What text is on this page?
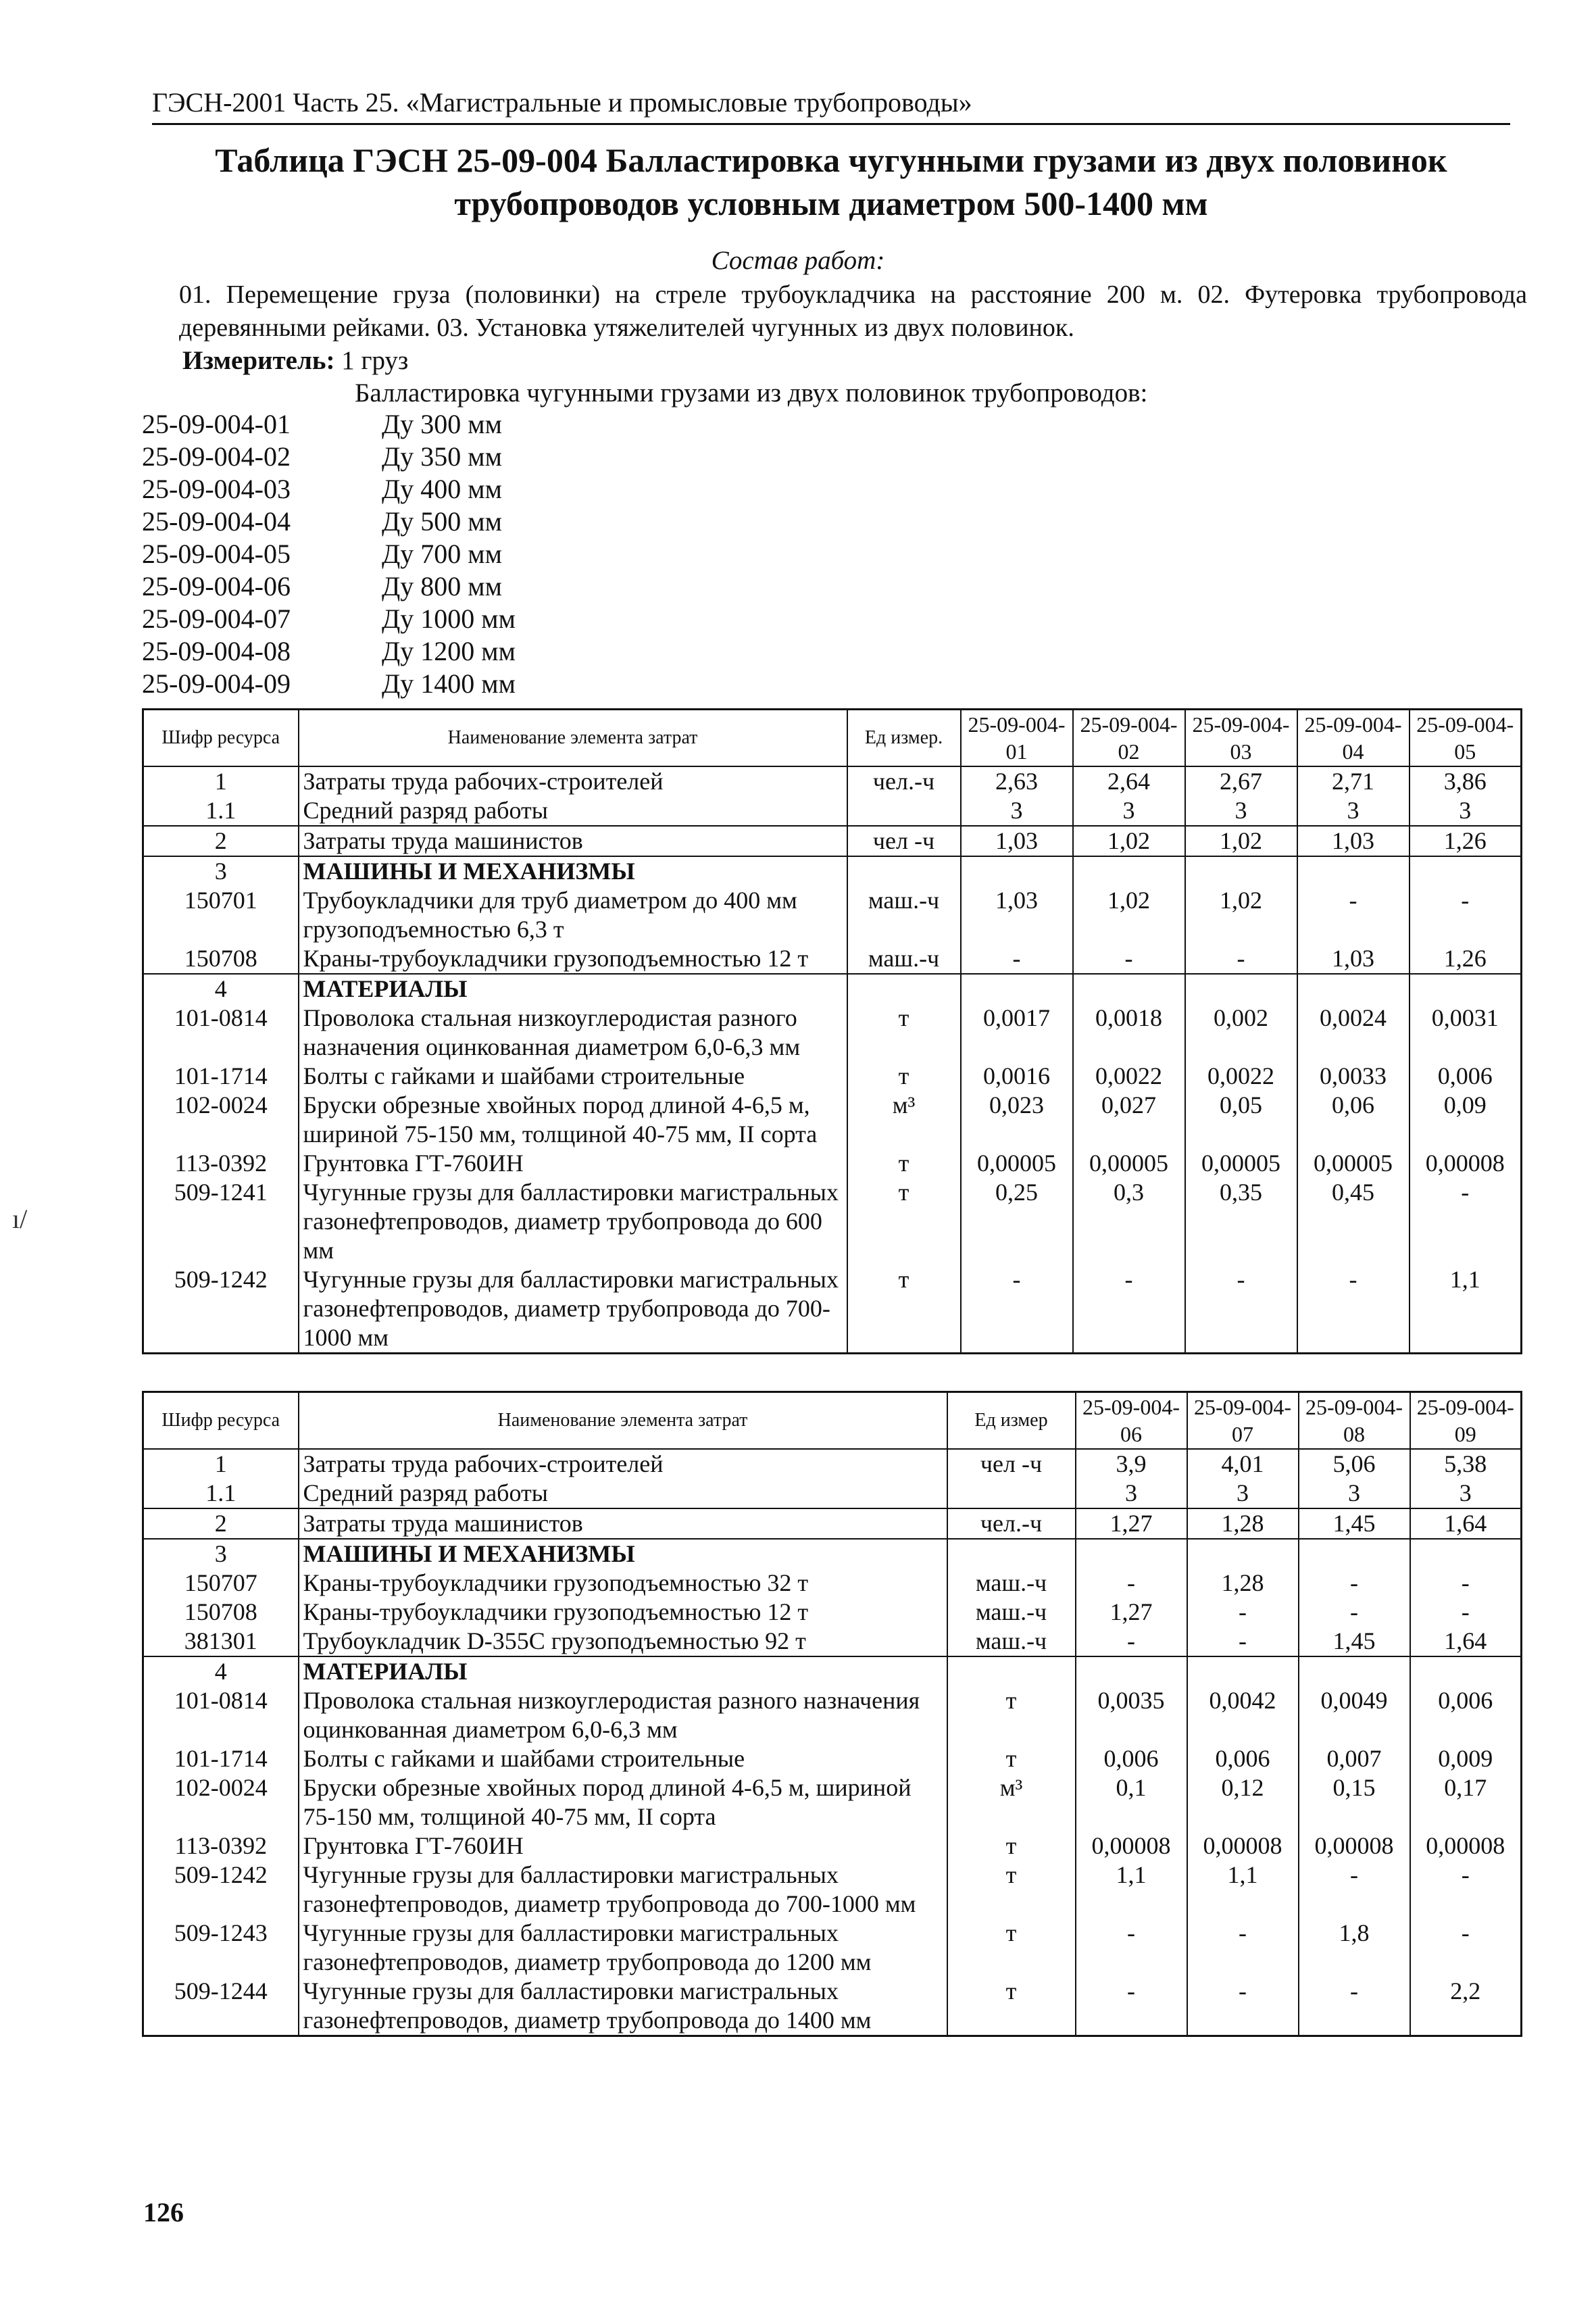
ГЭСН-2001 Часть 25. «Магистральные и промысловые трубопроводы»
Таблица ГЭСН 25-09-004 Балластировка чугунными грузами из двух половинок трубопроводов условным диаметром 500-1400 мм
Состав работ:

01. Перемещение груза (половинки) на стреле трубоукладчика на расстояние 200 м. 02. Футеровка трубопровода деревянными рейками. 03. Установка утяжелителей чугунных из двух половинок.

Измеритель: 1 груз
Балластировка чугунными грузами из двух половинок трубопроводов:
25-09-004-01	Ду 300 мм
25-09-004-02	Ду 350 мм
25-09-004-03	Ду 400 мм
25-09-004-04	Ду 500 мм
25-09-004-05	Ду 700 мм
25-09-004-06	Ду 800 мм
25-09-004-07	Ду 1000 мм
25-09-004-08	Ду 1200 мм
25-09-004-09	Ду 1400 мм
Шифр ресурса	Наименование элемента затрат	Ед измер.	25-09-004-01	25-09-004-02	25-09-004-03	25-09-004-04	25-09-004-05
1	Затраты труда рабочих-строителей	чел.-ч	2,63	2,64	2,67	2,71	3,86
1.1	Средний разряд работы		3	3	3	3	3
2	Затраты труда машинистов	чел -ч	1,03	1,02	1,02	1,03	1,26
3	МАШИНЫ И МЕХАНИЗМЫ						
150701	Трубоукладчики для труб диаметром до 400 мм грузоподъемностью 6,3 т	маш.-ч	1,03	1,02	1,02	-	-
150708	Краны-трубоукладчики грузоподъемностью 12 т	маш.-ч	-	-	-	1,03	1,26
4	МАТЕРИАЛЫ						
101-0814	Проволока стальная низкоуглеродистая разного назначения оцинкованная диаметром 6,0-6,3 мм	т	0,0017	0,0018	0,002	0,0024	0,0031
101-1714	Болты с гайками и шайбами строительные	т	0,0016	0,0022	0,0022	0,0033	0,006
102-0024	Бруски обрезные хвойных пород длиной 4-6,5 м, шириной 75-150 мм, толщиной 40-75 мм, II сорта	м³	0,023	0,027	0,05	0,06	0,09
113-0392	Грунтовка ГТ-760ИН	т	0,00005	0,00005	0,00005	0,00005	0,00008
509-1241	Чугунные грузы для балластировки магистральных газонефтепроводов, диаметр трубопровода до 600 мм	т	0,25	0,3	0,35	0,45	-
509-1242	Чугунные грузы для балластировки магистральных газонефтепроводов, диаметр трубопровода до 700-1000 мм	т	-	-	-	-	1,1
Шифр ресурса	Наименование элемента затрат	Ед измер	25-09-004-06	25-09-004-07	25-09-004-08	25-09-004-09
1	Затраты труда рабочих-строителей	чел -ч	3,9	4,01	5,06	5,38
1.1	Средний разряд работы		3	3	3	3
2	Затраты труда машинистов	чел.-ч	1,27	1,28	1,45	1,64
3	МАШИНЫ И МЕХАНИЗМЫ					
150707	Краны-трубоукладчики грузоподъемностью 32 т	маш.-ч	-	1,28	-	-
150708	Краны-трубоукладчики грузоподъемностью 12 т	маш.-ч	1,27	-	-	-
381301	Трубоукладчик D-355C грузоподъемностью 92 т	маш.-ч	-	-	1,45	1,64
4	МАТЕРИАЛЫ					
101-0814	Проволока стальная низкоуглеродистая разного назначения оцинкованная диаметром 6,0-6,3 мм	т	0,0035	0,0042	0,0049	0,006
101-1714	Болты с гайками и шайбами строительные	т	0,006	0,006	0,007	0,009
102-0024	Бруски обрезные хвойных пород длиной 4-6,5 м, шириной 75-150 мм, толщиной 40-75 мм, II сорта	м³	0,1	0,12	0,15	0,17
113-0392	Грунтовка ГТ-760ИН	т	0,00008	0,00008	0,00008	0,00008
509-1242	Чугунные грузы для балластировки магистральных газонефтепроводов, диаметр трубопровода до 700-1000 мм	т	1,1	1,1	-	-
509-1243	Чугунные грузы для балластировки магистральных газонефтепроводов, диаметр трубопровода до 1200 мм	т	-	-	1,8	-
509-1244	Чугунные грузы для балластировки магистральных газонефтепроводов, диаметр трубопровода до 1400 мм	т	-	-	-	2,2
126
ı/
